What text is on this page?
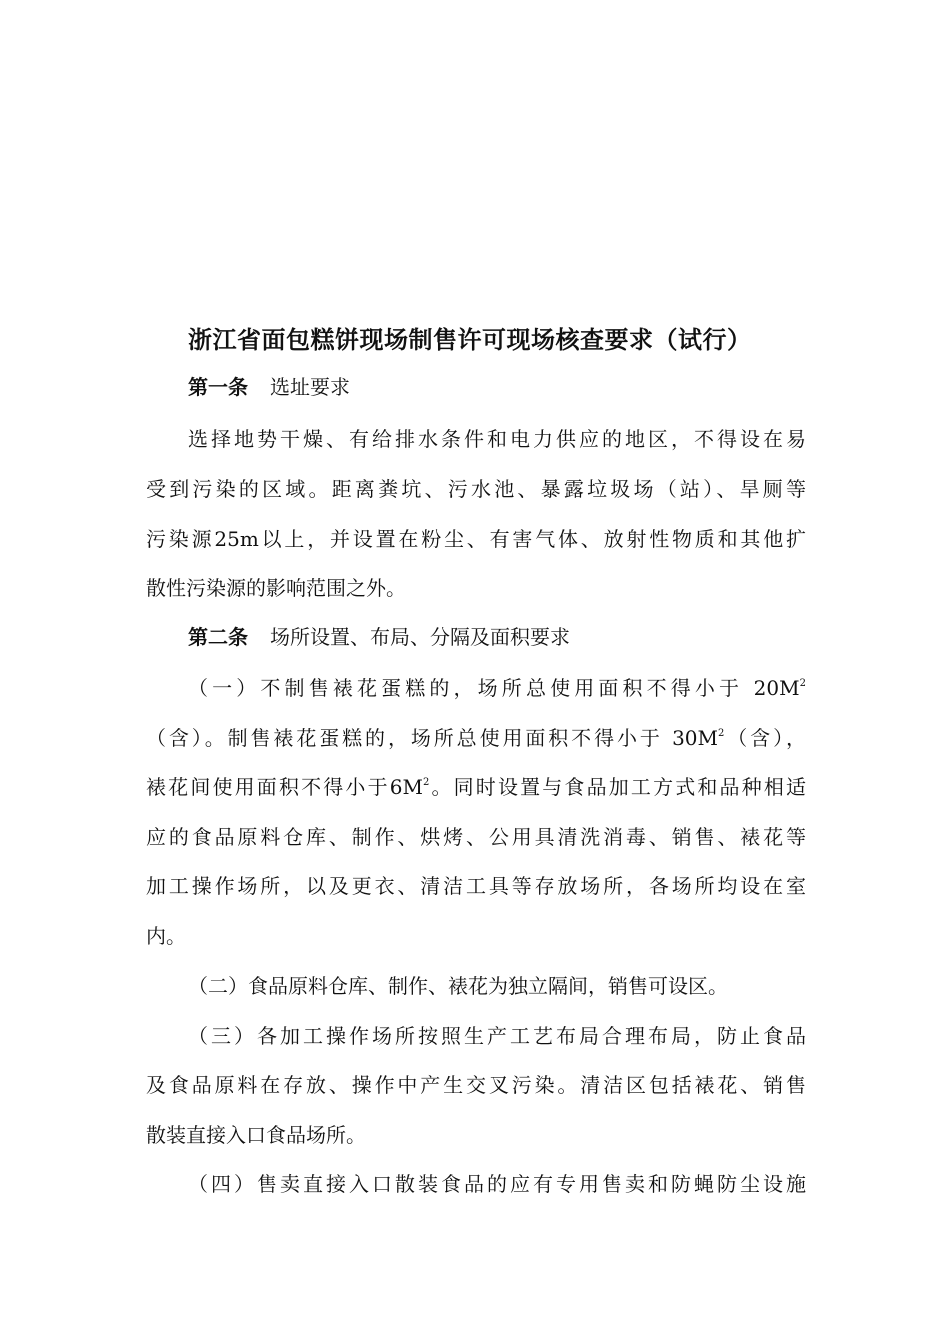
浙江省面包糕饼现场制售许可现场核查要求（试行）
第一条 选址要求
选择地势干燥、有给排水条件和电力供应的地区，不得设在易
受到污染的区域。距离粪坑、污水池、暴露垃圾场（站）、旱厕等
污染源25m以上，并设置在粉尘、有害气体、放射性物质和其他扩
散性污染源的影响范围之外。
第二条 场所设置、布局、分隔及面积要求
（一）不制售裱花蛋糕的，场所总使用面积不得小于 $20M^2$
（含）。制售裱花蛋糕的，场所总使用面积不得小于 $30M^2$（含），
裱花间使用面积不得小于$6M^2$。同时设置与食品加工方式和品种相适
应的食品原料仓库、制作、烘烤、公用具清洗消毒、销售、裱花等
加工操作场所，以及更衣、清洁工具等存放场所，各场所均设在室
内。
（二）食品原料仓库、制作、裱花为独立隔间，销售可设区。
（三）各加工操作场所按照生产工艺布局合理布局，防止食品
及食品原料在存放、操作中产生交叉污染。清洁区包括裱花、销售
散装直接入口食品场所。
（四）售卖直接入口散装食品的应有专用售卖和防蝇防尘设施
